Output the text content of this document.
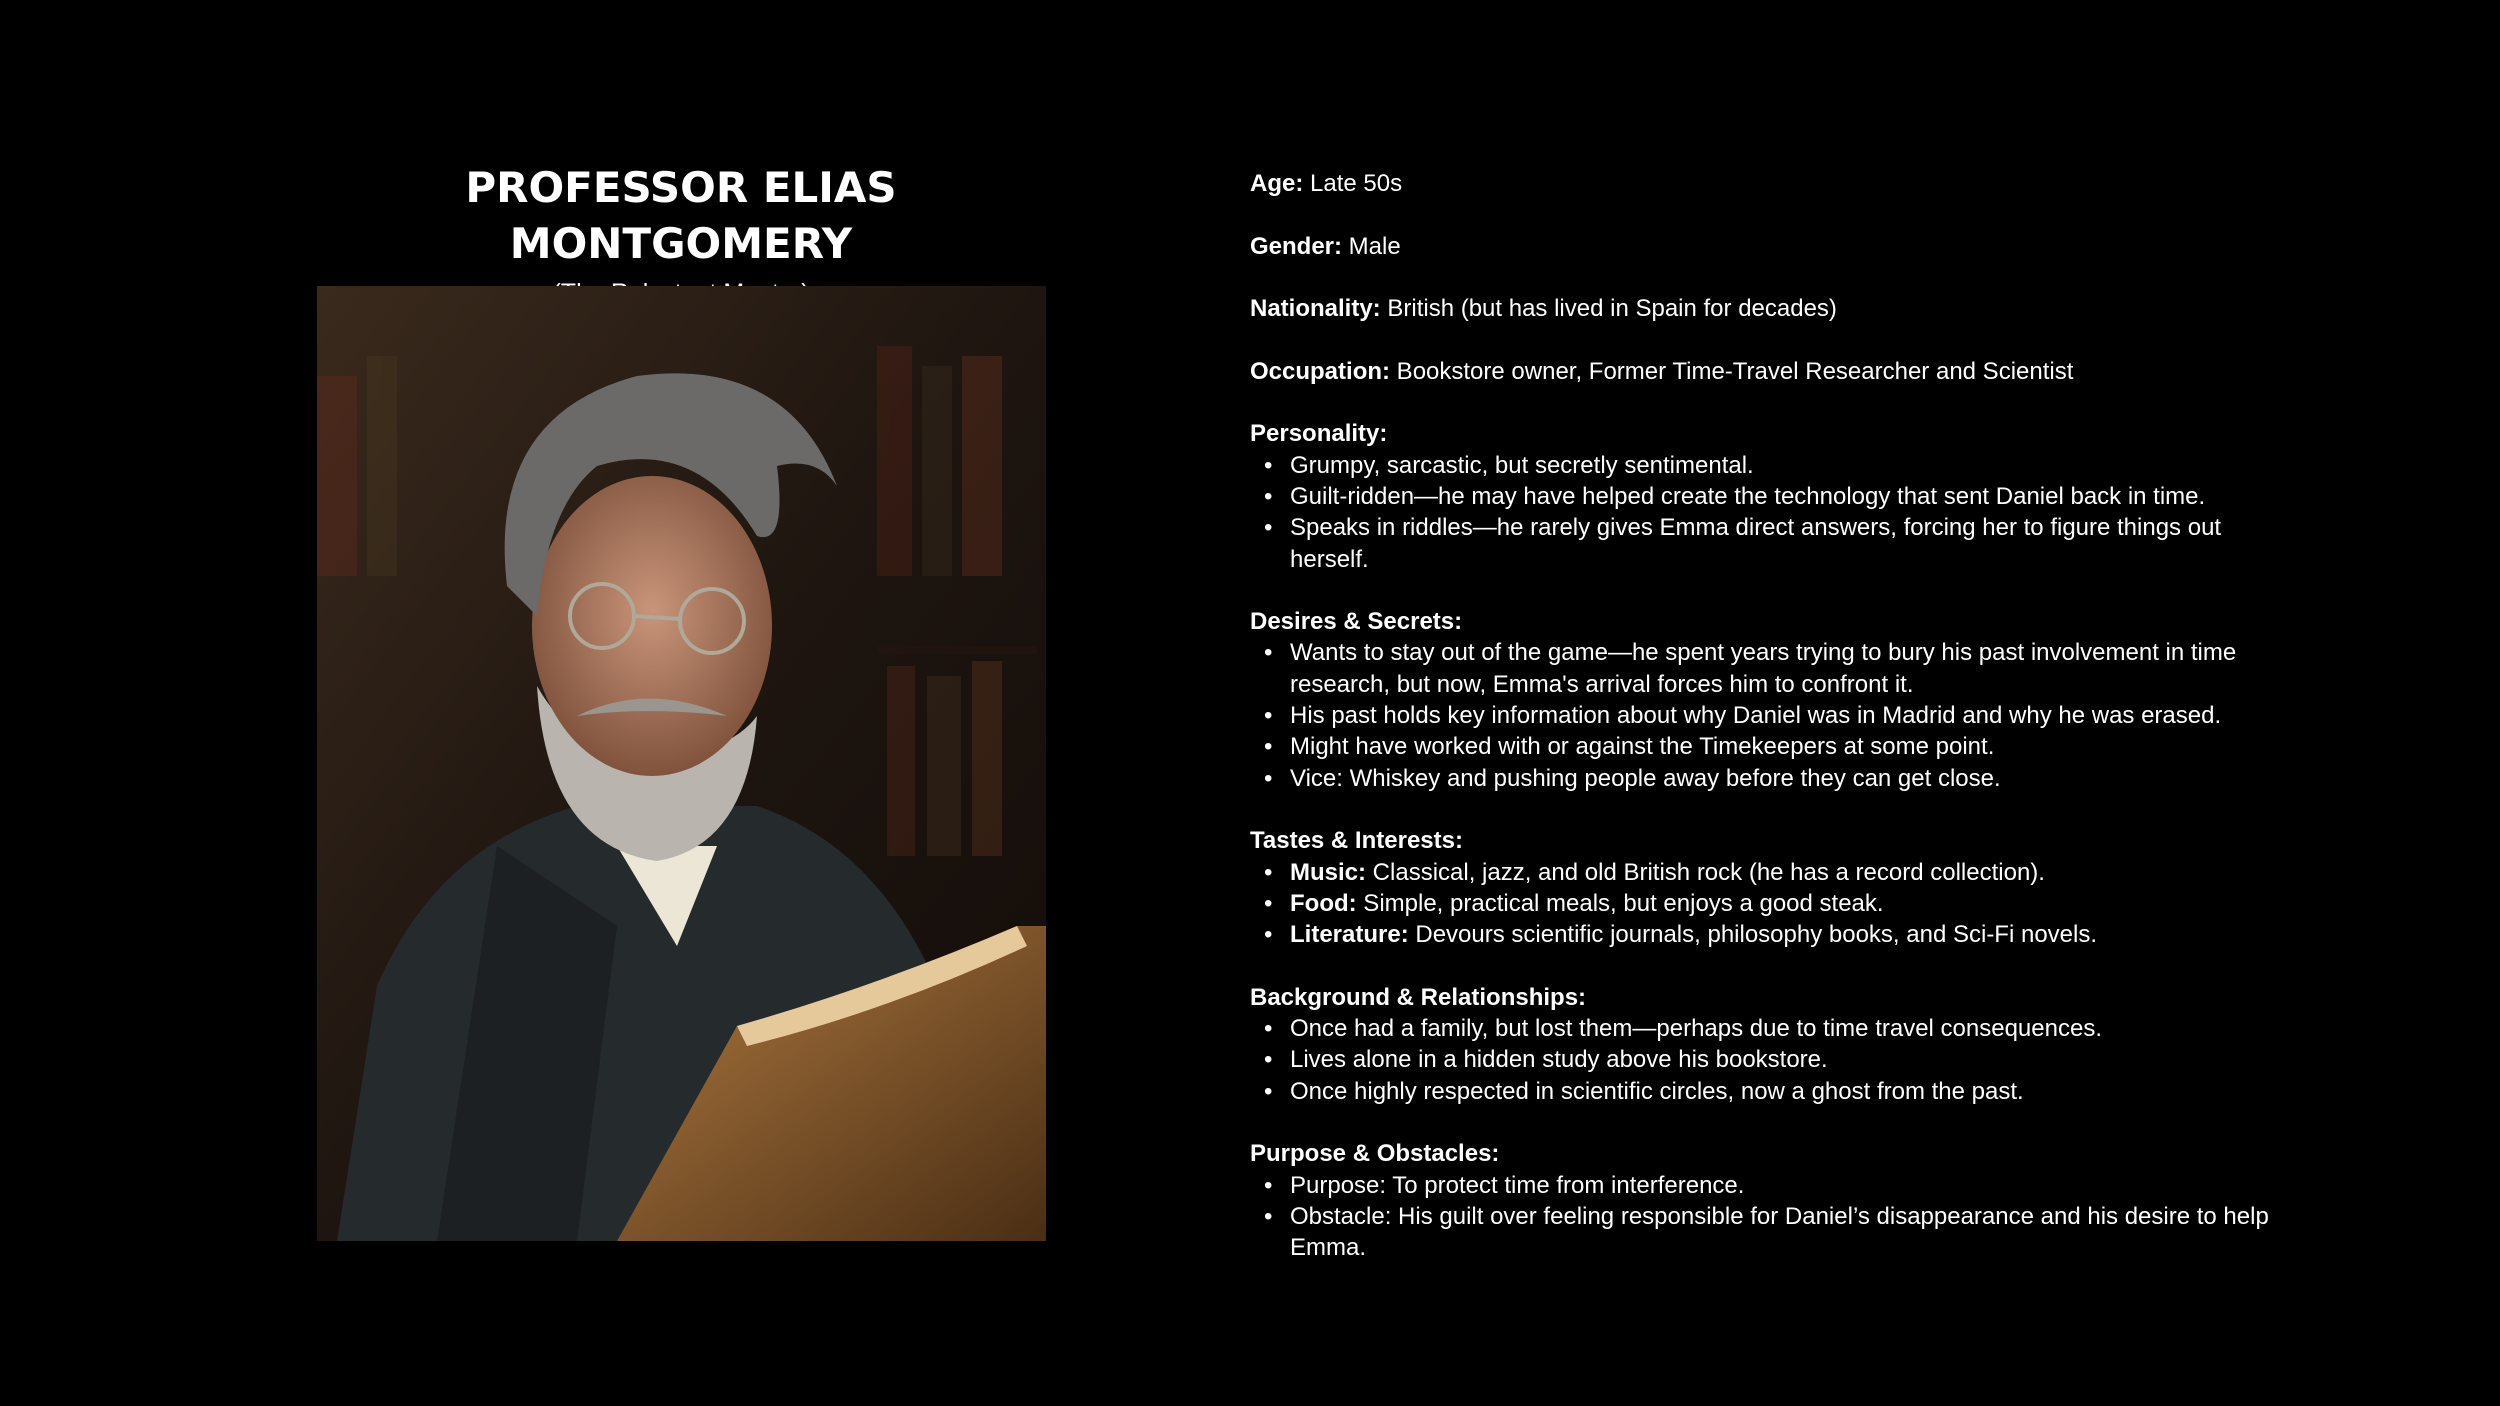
PROFESSOR ELIAS MONTGOMERY
Age: Late 50s
Gender: Male
Nationality: British (but has lived in Spain for decades)
Occupation: Bookstore owner, Former Time-Travel Researcher and Scientist
Personality:
• Grumpy, sarcastic, but secretly sentimental.
• Guilt-ridden—he may have helped create the technology that sent Daniel back in time.
• Speaks in riddles—he rarely gives Emma direct answers, forcing her to figure things out herself.
Desires & Secrets:
• Wants to stay out of the game—he spent years trying to bury his past involvement in time research, but now, Emma's arrival forces him to confront it.
• His past holds key information about why Daniel was in Madrid and why he was erased.
• Might have worked with or against the Timekeepers at some point.
• Vice: Whiskey and pushing people away before they can get close.
Tastes & Interests:
• Music: Classical, jazz, and old British rock (he has a record collection).
• Food: Simple, practical meals, but enjoys a good steak.
• Literature: Devours scientific journals, philosophy books, and Sci-Fi novels.
Background & Relationships:
• Once had a family, but lost them—perhaps due to time travel consequences.
• Lives alone in a hidden study above his bookstore.
• Once highly respected in scientific circles, now a ghost from the past.
Purpose & Obstacles:
• Purpose: To protect time from interference.
• Obstacle: His guilt over feeling responsible for Daniel’s disappearance and his desire to help Emma.
